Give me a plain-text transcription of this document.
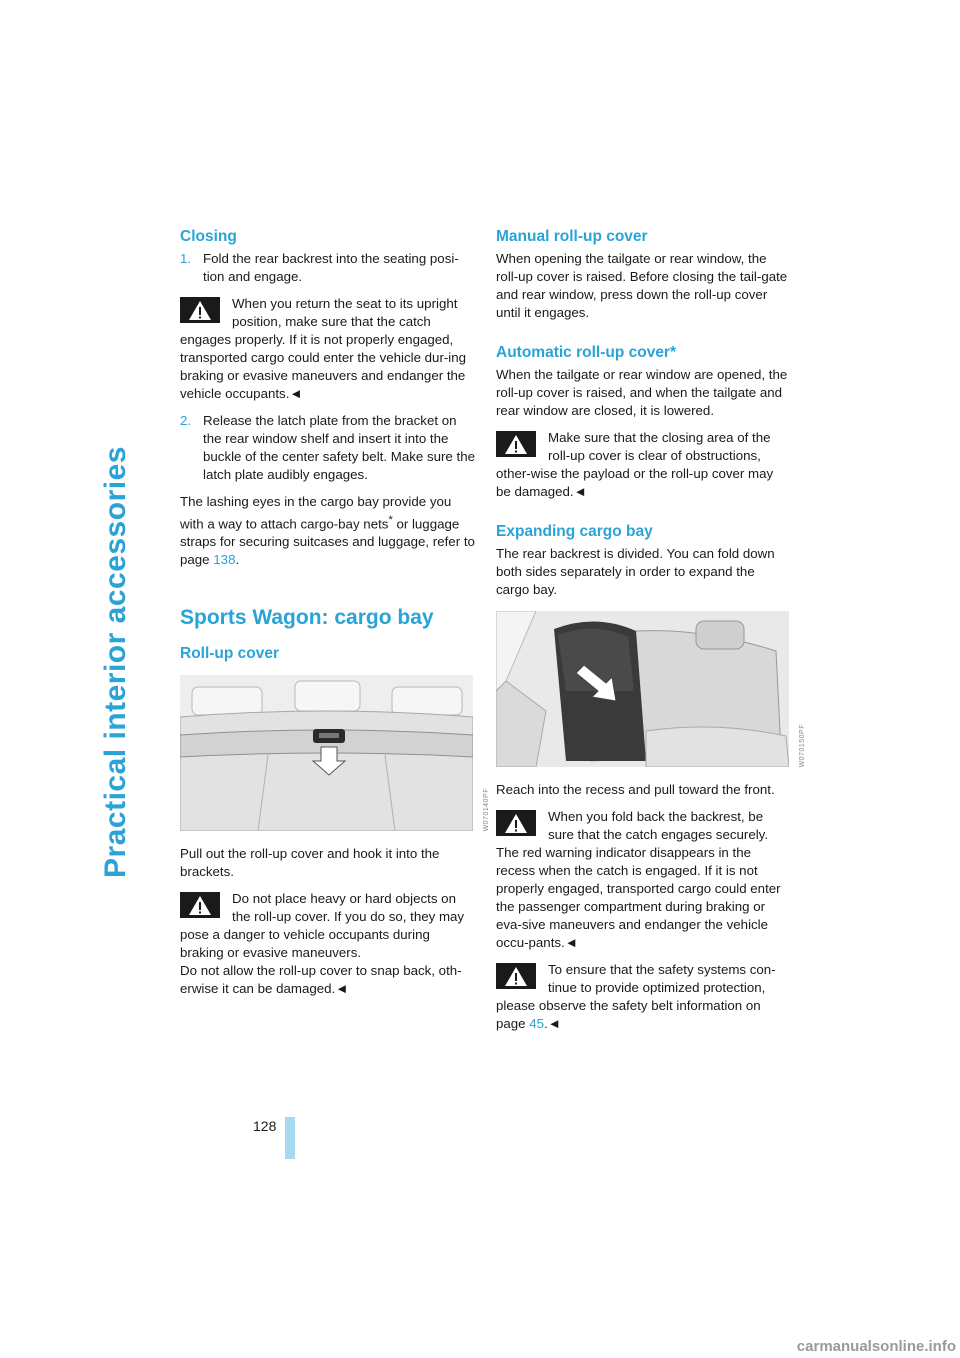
Practical interior accessories
Closing
1. Fold the rear backrest into the seating posi-tion and engage.
When you return the seat to its upright position, make sure that the catch engages properly. If it is not properly engaged, transported cargo could enter the vehicle dur-ing braking or evasive maneuvers and endanger the vehicle occupants.◄
2. Release the latch plate from the bracket on the rear window shelf and insert it into the buckle of the center safety belt. Make sure the latch plate audibly engages.

The lashing eyes in the cargo bay provide you with a way to attach cargo-bay nets* or luggage straps for securing suitcases and luggage, refer to page 138.

Sports Wagon: cargo bay
Roll-up cover
W070140PF

Pull out the roll-up cover and hook it into the brackets.

Do not place heavy or hard objects on the roll-up cover. If you do so, they may pose a danger to vehicle occupants during braking or evasive maneuvers.
Do not allow the roll-up cover to snap back, oth-erwise it can be damaged.◄
Manual roll-up cover

When opening the tailgate or rear window, the roll-up cover is raised. Before closing the tail-gate and rear window, press down the roll-up cover until it engages.

Automatic roll-up cover*

When the tailgate or rear window are opened, the roll-up cover is raised, and when the tailgate and rear window are closed, it is lowered.

Make sure that the closing area of the roll-up cover is clear of obstructions, other-wise the payload or the roll-up cover may be damaged.◄
Expanding cargo bay

The rear backrest is divided. You can fold down both sides separately in order to expand the cargo bay.

W070150PF

Reach into the recess and pull toward the front.

When you fold back the backrest, be sure that the catch engages securely. The red warning indicator disappears in the recess when the catch is engaged. If it is not properly engaged, transported cargo could enter the passenger compartment during braking or eva-sive maneuvers and endanger the vehicle occu-pants.◄
To ensure that the safety systems con-tinue to provide optimized protection, please observe the safety belt information on page 45.◄
128
carmanualsonline.info
